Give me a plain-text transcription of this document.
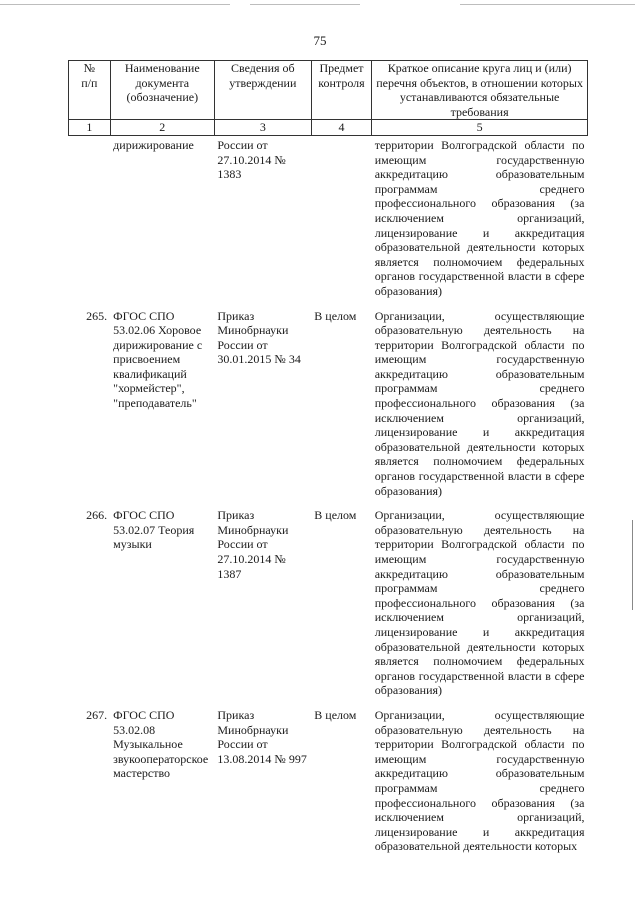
75
№
п/п	Наименование документа (обозначение)	Сведения об утверждении	Предмет контроля	Краткое описание круга лиц и (или) перечня объектов, в отношении которых устанавливаются обязательные требования
1	2	3	4	5
	дирижирование	России от 27.10.2014 № 1383		территории Волгоградской области по имеющим государственную аккредитацию образовательным программам среднего профессионального образования (за исключением организаций, лицензирование и аккредитация образовательной деятельности которых является полномочием федеральных органов государственной власти в сфере образования)
265.	ФГОС СПО 53.02.06 Хоровое дирижирование с присвоением квалификаций "хормейстер", "преподаватель"	Приказ Минобрнауки России от 30.01.2015 № 34	В целом	Организации, осуществляющие образовательную деятельность на территории Волгоградской области по имеющим государственную аккредитацию образовательным программам среднего профессионального образования (за исключением организаций, лицензирование и аккредитация образовательной деятельности которых является полномочием федеральных органов государственной власти в сфере образования)
266.	ФГОС СПО 53.02.07 Теория музыки	Приказ Минобрнауки России от 27.10.2014 № 1387	В целом	Организации, осуществляющие образовательную деятельность на территории Волгоградской области по имеющим государственную аккредитацию образовательным программам среднего профессионального образования (за исключением организаций, лицензирование и аккредитация образовательной деятельности которых является полномочием федеральных органов государственной власти в сфере образования)
267.	ФГОС СПО 53.02.08 Музыкальное звукооператорское мастерство	Приказ Минобрнауки России от 13.08.2014 № 997	В целом	Организации, осуществляющие образовательную деятельность на территории Волгоградской области по имеющим государственную аккредитацию образовательным программам среднего профессионального образования (за исключением организаций, лицензирование и аккредитация образовательной деятельности которых
